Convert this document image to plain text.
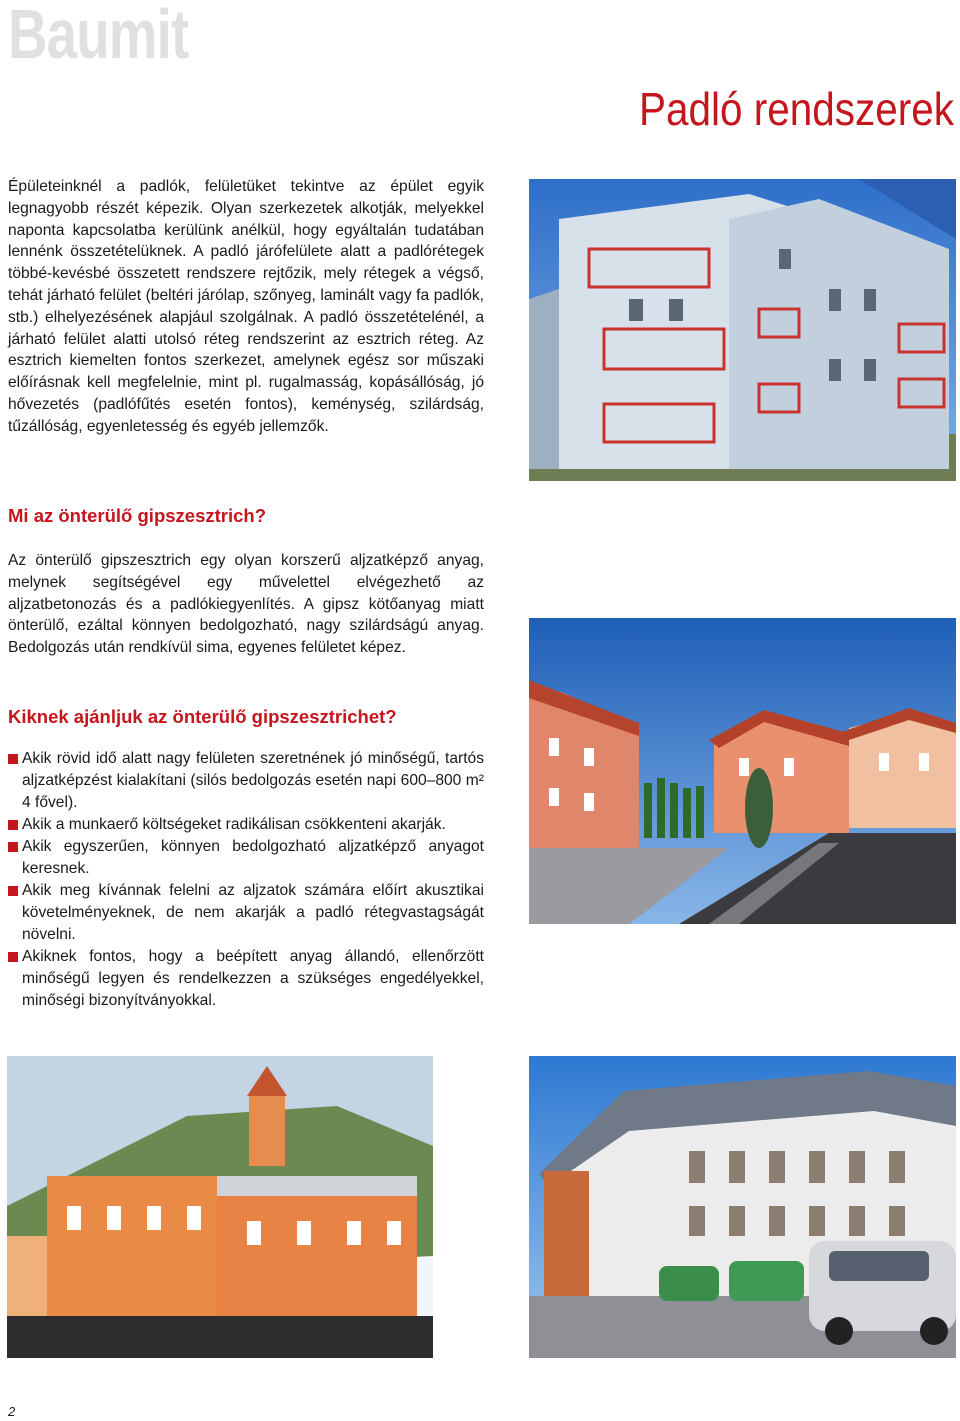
Baumit
Padló rendszerek

Épületeinknél a padlók, felületüket tekintve az épület egyik legnagyobb részét képezik. Olyan szerkezetek alkotják, melyekkel naponta kapcsolatba kerülünk anélkül, hogy egyáltalán tudatában lennénk összetételüknek. A padló járófelülete alatt a padlórétegek többé-kevésbé összetett rendszere rejtőzik, mely rétegek a végső, tehát járható felület (beltéri járólap, szőnyeg, laminált vagy fa padlók, stb.) elhelyezésének alapjául szolgálnak. A padló összetételénél, a járható felület alatti utolsó réteg rendszerint az esztrich réteg. Az esztrich kiemelten fontos szerkezet, amelynek egész sor műszaki előírásnak kell megfelelnie, mint pl. rugalmasság, kopásállóság, jó hővezetés (padlófűtés esetén fontos), keménység, szilárdság, tűzállóság, egyenletesség és egyéb jellemzők.

Mi az önterülő gipszesztrich?

Az önterülő gipszesztrich egy olyan korszerű aljzatképző anyag, melynek segítségével egy művelettel elvégezhető az aljzatbetonozás és a padlókiegyenlítés. A gipsz kötőanyag miatt önterülő, ezáltal könnyen bedolgozható, nagy szilárdságú anyag. Bedolgozás után rendkívül sima, egyenes felületet képez.

Kiknek ajánljuk az önterülő gipszesztrichet?
Akik rövid idő alatt nagy felületen szeretnének jó minőségű, tartós aljzatképzést kialakítani (silós bedolgozás esetén napi 600–800 m² 4 fővel).
Akik a munkaerő költségeket radikálisan csökkenteni akarják.
Akik egyszerűen, könnyen bedolgozható aljzatképző anyagot keresnek.
Akik meg kívánnak felelni az aljzatok számára előírt akusztikai követelményeknek, de nem akarják a padló rétegvastagságát növelni.
Akiknek fontos, hogy a beépített anyag állandó, ellenőrzött minőségű legyen és rendelkezzen a szükséges engedélyekkel, minőségi bizonyítványokkal.
2
